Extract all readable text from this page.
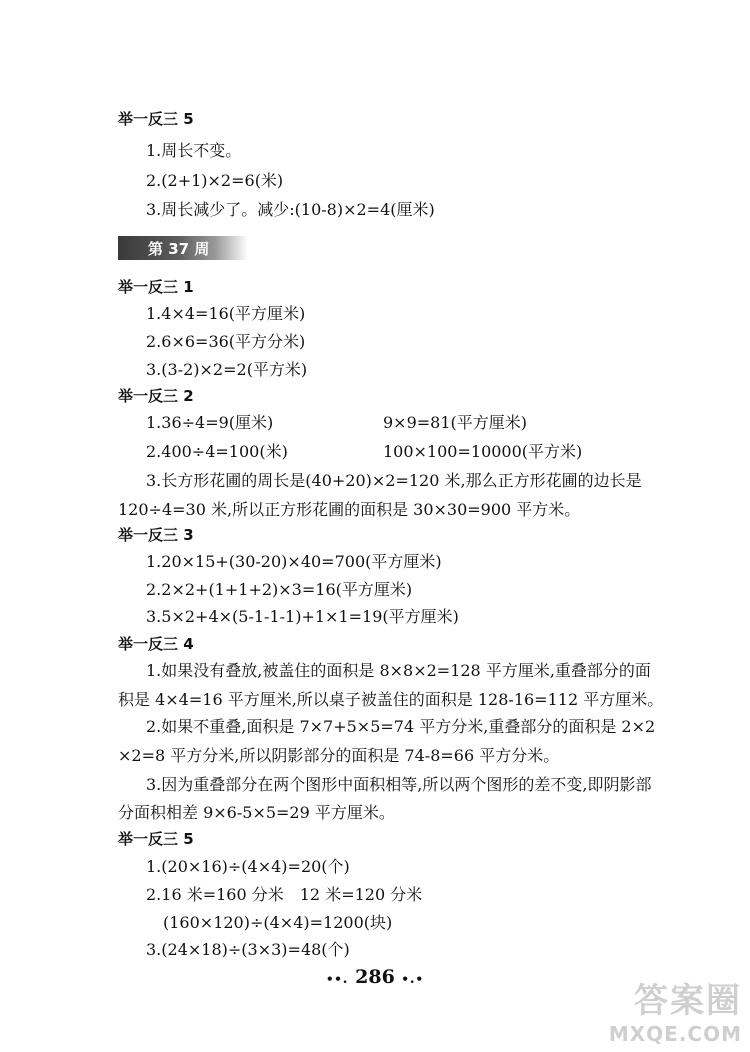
举一反三 5
1.周长不变。
2.(2+1)×2=6(米)
3.周长减少了。减少:(10-8)×2=4(厘米)
第 37 周
举一反三 1
1.4×4=16(平方厘米)
2.6×6=36(平方分米)
3.(3-2)×2=2(平方米)
举一反三 2
1.36÷4=9(厘米)	9×9=81(平方厘米)
2.400÷4=100(米)	100×100=10000(平方米)
3.长方形花圃的周长是(40+20)×2=120 米,那么正方形花圃的边长是
120÷4=30 米,所以正方形花圃的面积是 30×30=900 平方米。
举一反三 3
1.20×15+(30-20)×40=700(平方厘米)
2.2×2+(1+1+2)×3=16(平方厘米)
3.5×2+4×(5-1-1-1)+1×1=19(平方厘米)
举一反三 4
1.如果没有叠放,被盖住的面积是 8×8×2=128 平方厘米,重叠部分的面
积是 4×4=16 平方厘米,所以桌子被盖住的面积是 128-16=112 平方厘米。
2.如果不重叠,面积是 7×7+5×5=74 平方分米,重叠部分的面积是 2×2
×2=8 平方分米,所以阴影部分的面积是 74-8=66 平方分米。
3.因为重叠部分在两个图形中面积相等,所以两个图形的差不变,即阴影部
分面积相差 9×6-5×5=29 平方厘米。
举一反三 5
1.(20×16)÷(4×4)=20(个)
2.16 米=160 分米　12 米=120 分米
(160×120)÷(4×4)=1200(块)
3.(24×18)÷(3×3)=48(个)
∙∙. 286 ∙.∙
答案圈
MXQE.COM
